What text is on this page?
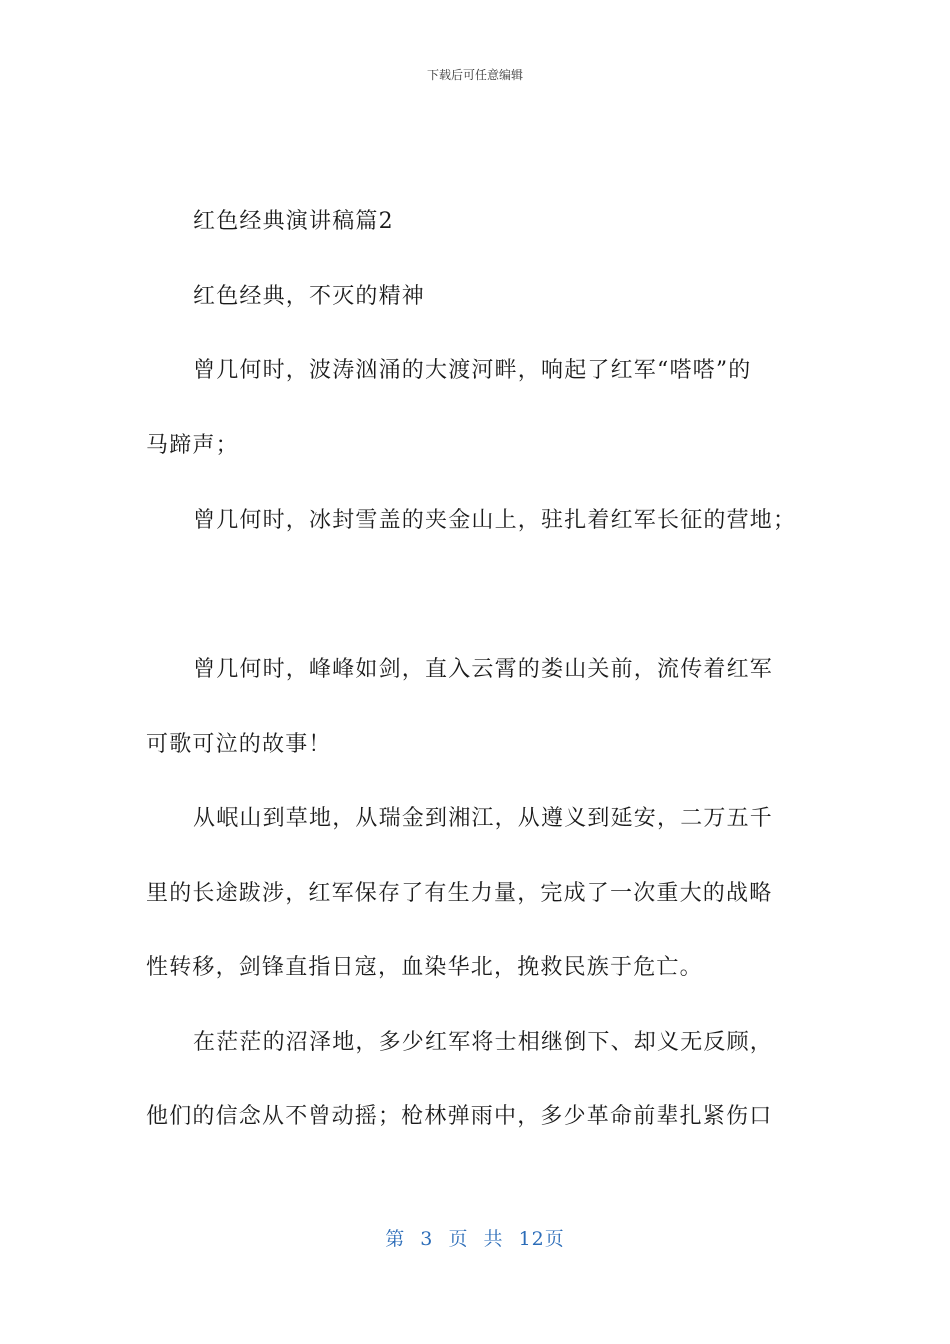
下载后可任意编辑
红色经典演讲稿篇2
红色经典，不灭的精神
曾几何时，波涛汹涌的大渡河畔，响起了红军“嗒嗒”的
马蹄声；
曾几何时，冰封雪盖的夹金山上，驻扎着红军长征的营地；
曾几何时，峰峰如剑，直入云霄的娄山关前，流传着红军
可歌可泣的故事！
从岷山到草地，从瑞金到湘江，从遵义到延安，二万五千
里的长途跋涉，红军保存了有生力量，完成了一次重大的战略
性转移，剑锋直指日寇，血染华北，挽救民族于危亡。
在茫茫的沼泽地，多少红军将士相继倒下、却义无反顾，
他们的信念从不曾动摇；枪林弹雨中，多少革命前辈扎紧伤口
第 3 页 共 12页
